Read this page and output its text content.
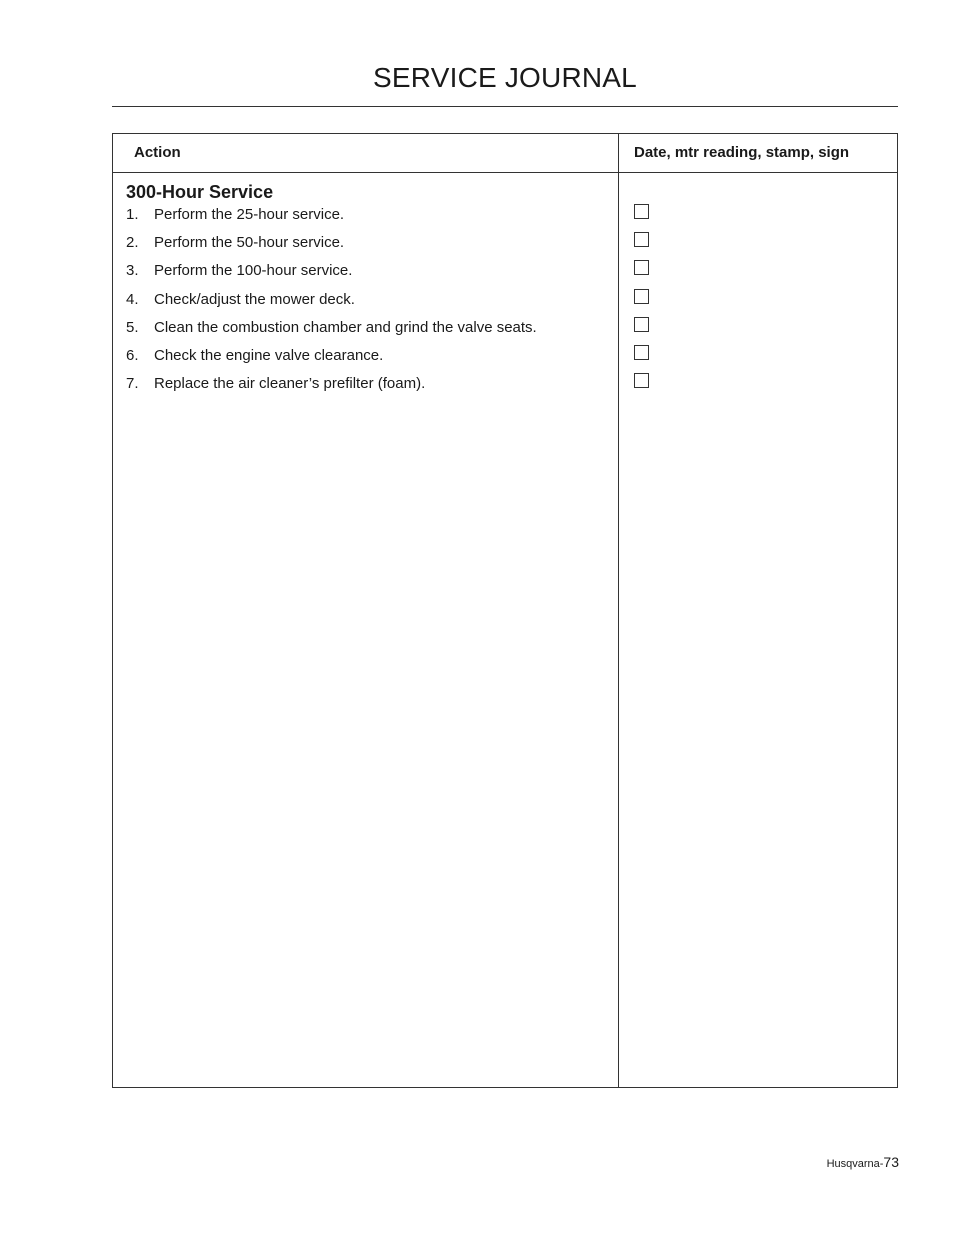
SERVICE JOURNAL
Action	Date, mtr reading, stamp, sign
300-Hour Service
1. Perform the 25-hour service.
2. Perform the 50-hour service.
3. Perform the 100-hour service.
4. Check/adjust the mower deck.
5. Clean the combustion chamber and grind the valve seats.
6. Check the engine valve clearance.
7. Replace the air cleaner’s prefilter (foam).
Husqvarna-73
